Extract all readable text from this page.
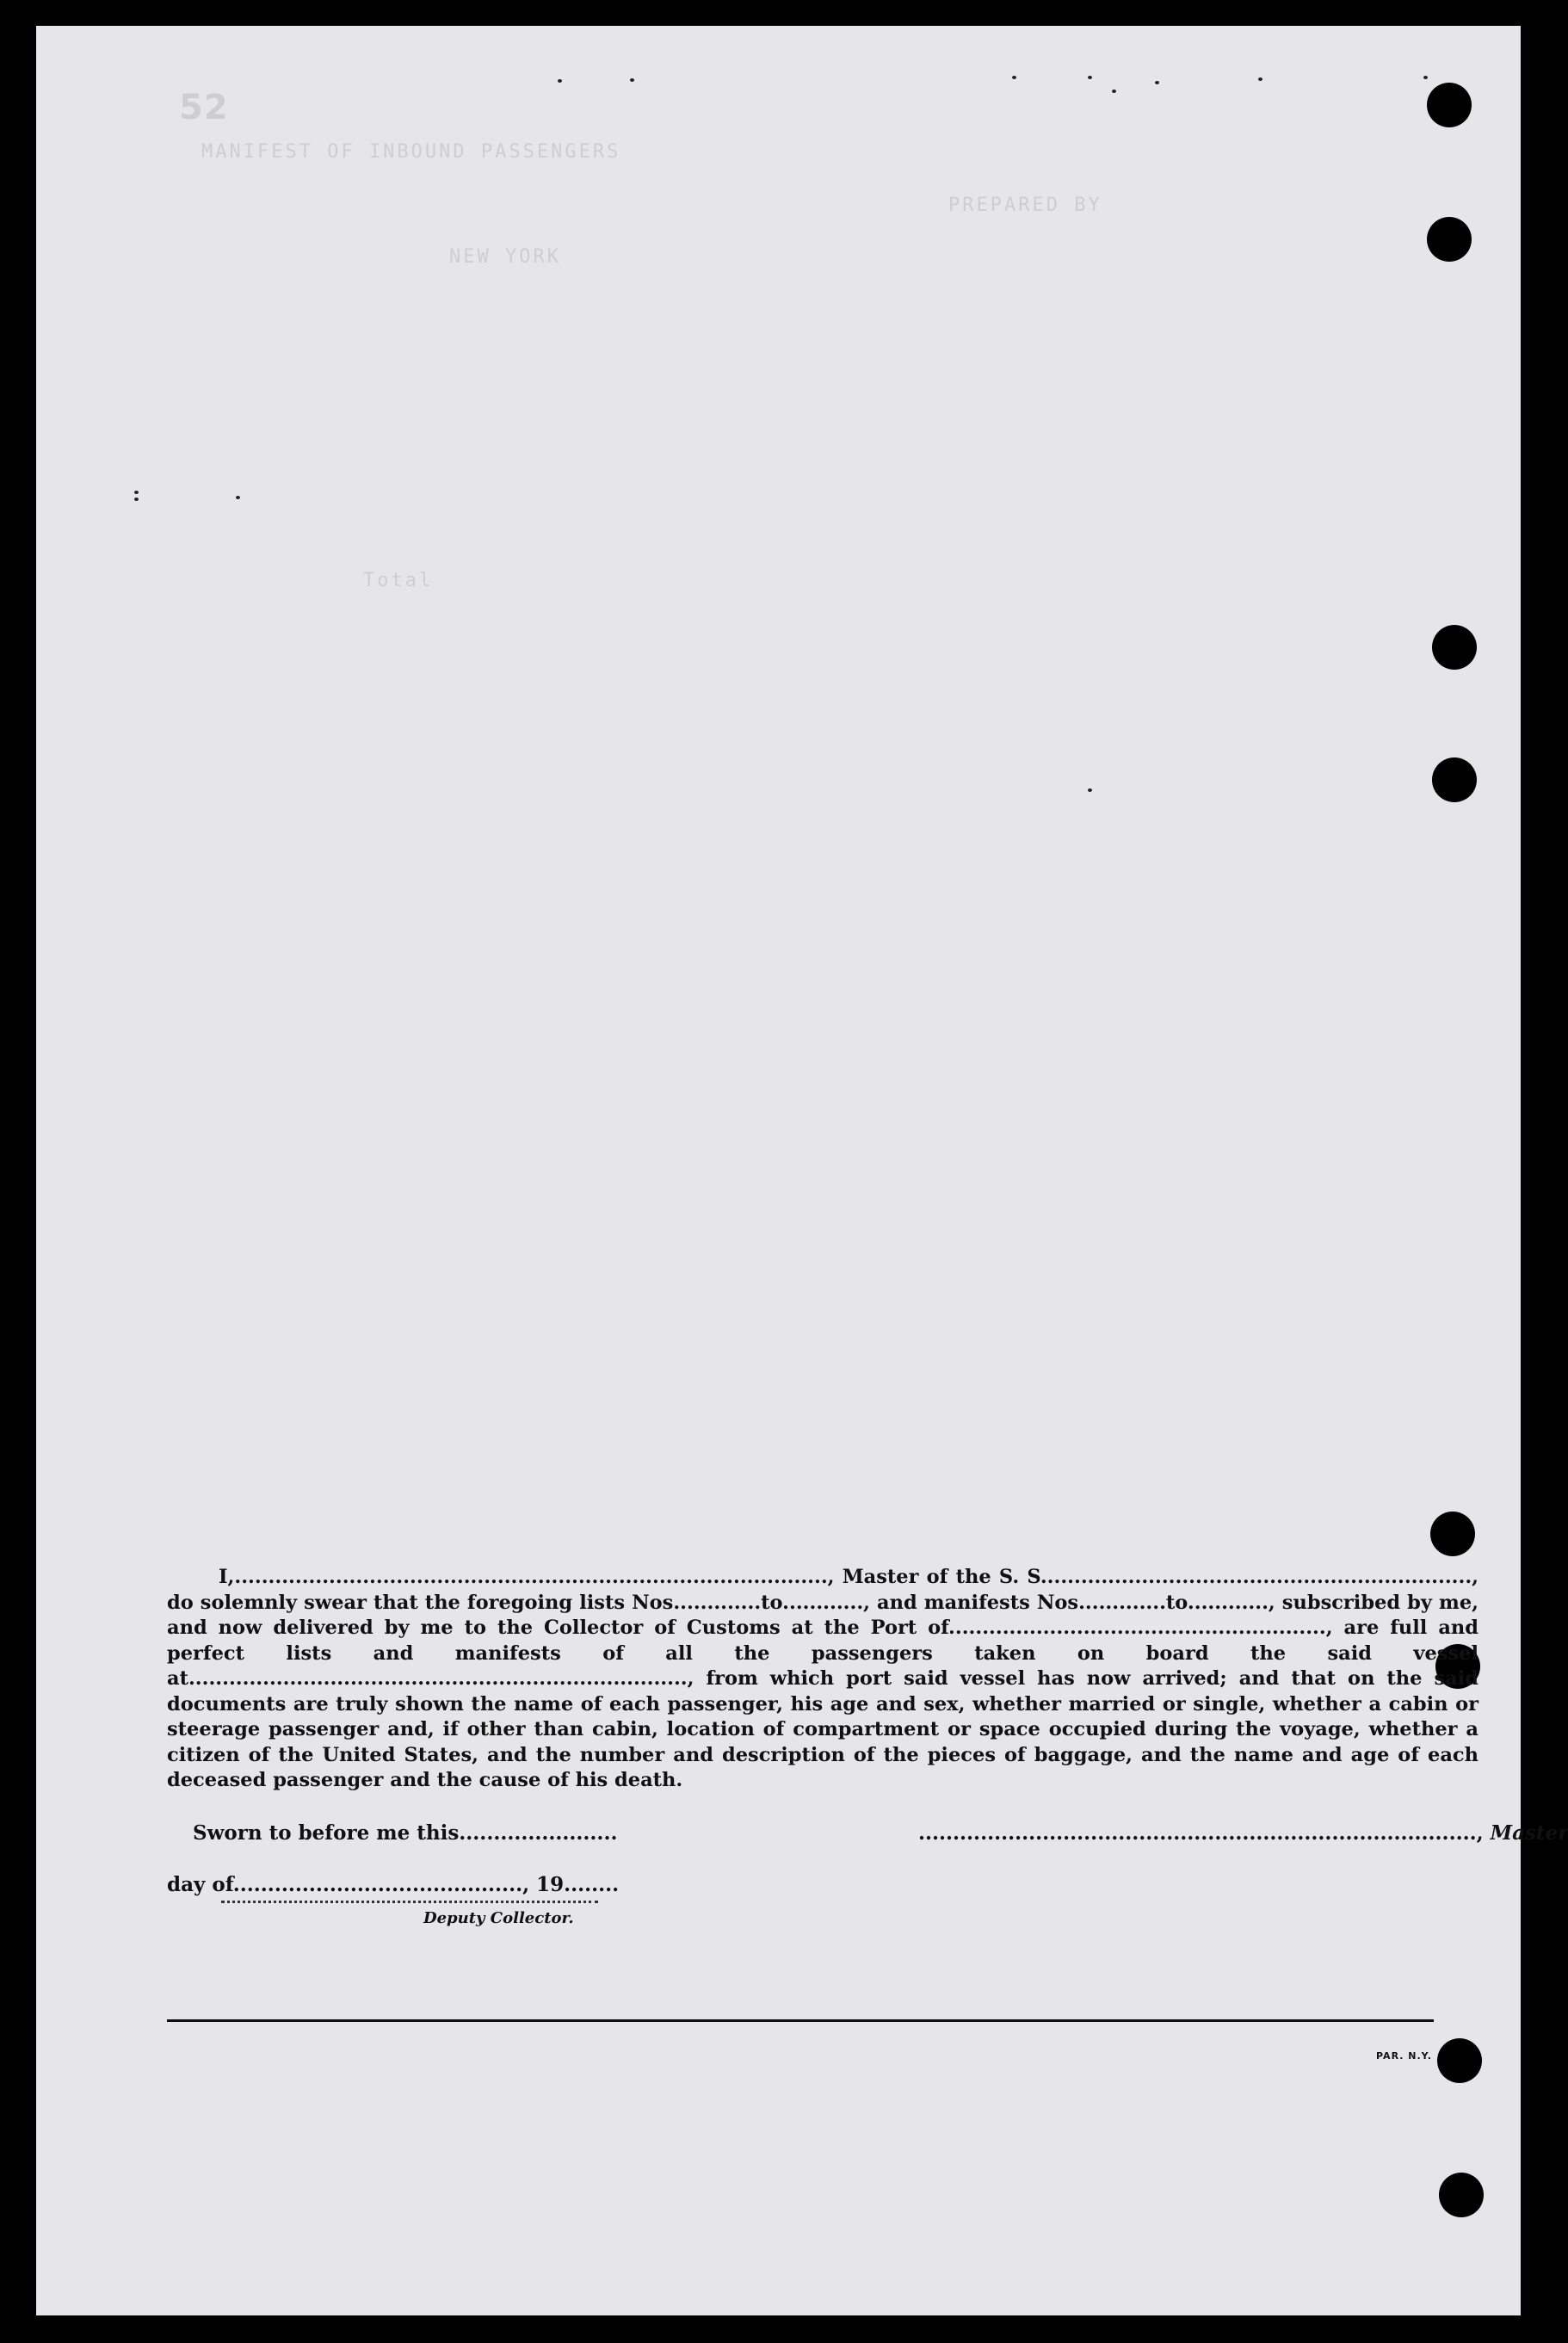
52
MANIFEST OF INBOUND PASSENGERS
PREPARED BY
NEW YORK
Total

I,........................................................................................, Master of the S. S................................................................, do solemnly swear that the foregoing lists Nos.............to............, and manifests Nos.............to............, subscribed by me, and now delivered by me to the Collector of Customs at the Port of........................................................, are full and perfect lists and manifests of all the passengers taken on board the said vessel at.........................................................................., from which port said vessel has now arrived; and that on the said documents are truly shown the name of each passenger, his age and sex, whether married or single, whether a cabin or steerage passenger and, if other than cabin, location of compartment or space occupied during the voyage, whether a citizen of the United States, and the number and description of the pieces of baggage, and the name and age of each deceased passenger and the cause of his death.

Sworn to before me this.......................	................................................................................., Master
day of.........................................., 19........
Deputy Collector.
PAR. N.Y.
